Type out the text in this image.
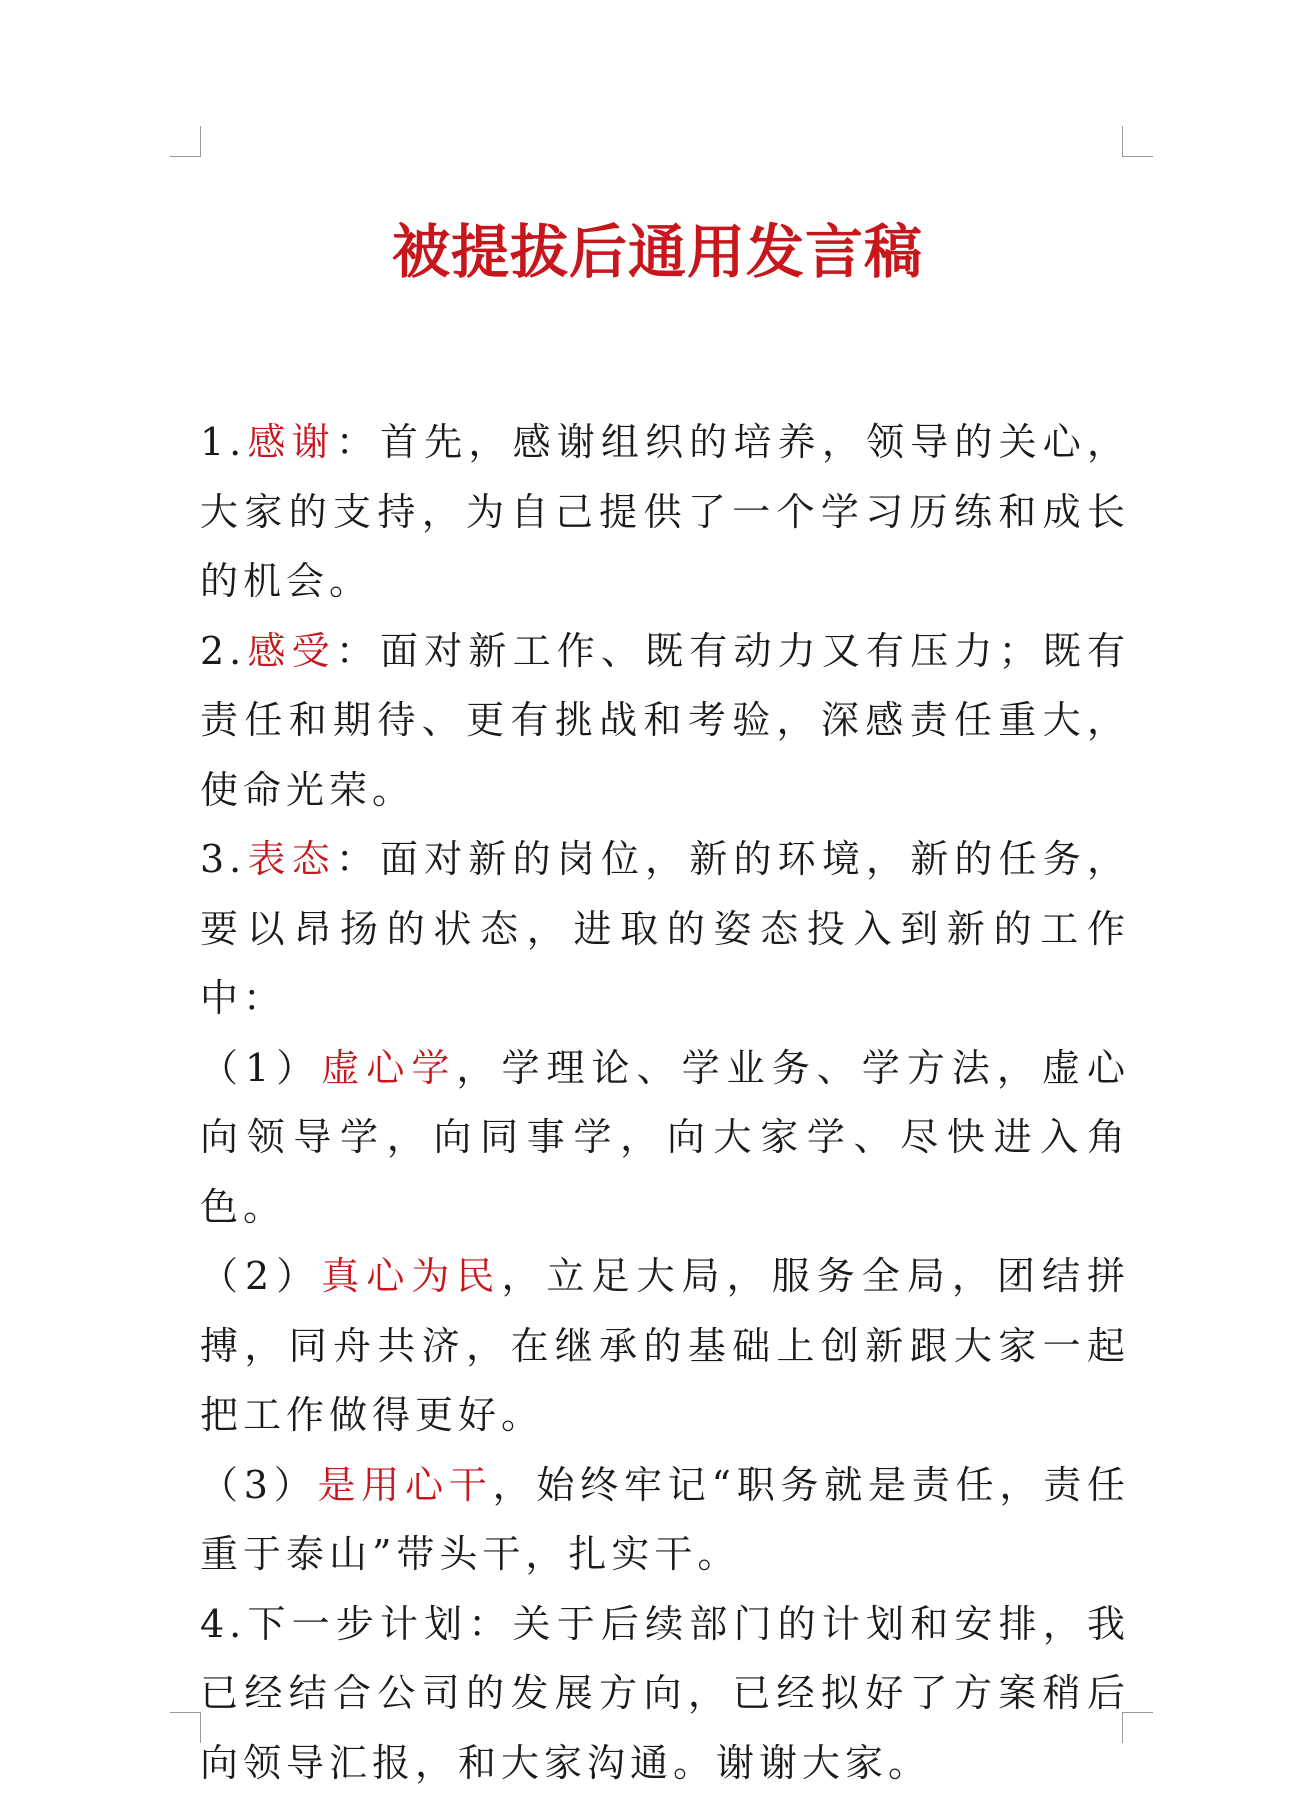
被提拔后通用发言稿

1.感谢：首先，感谢组织的培养，领导的关心，大家的支持，为自己提供了一个学习历练和成长的机会。

2.感受：面对新工作、既有动力又有压力；既有责任和期待、更有挑战和考验，深感责任重大，使命光荣。

3.表态：面对新的岗位，新的环境，新的任务，要以昂扬的状态，进取的姿态投入到新的工作中：

（1）虚心学，学理论、学业务、学方法，虚心向领导学，向同事学，向大家学、尽快进入角色。

（2）真心为民，立足大局，服务全局，团结拼搏，同舟共济，在继承的基础上创新跟大家一起把工作做得更好。

（3）是用心干，始终牢记“职务就是责任，责任重于泰山”带头干，扎实干。

4.下一步计划：关于后续部门的计划和安排，我已经结合公司的发展方向，已经拟好了方案稍后向领导汇报，和大家沟通。谢谢大家。
